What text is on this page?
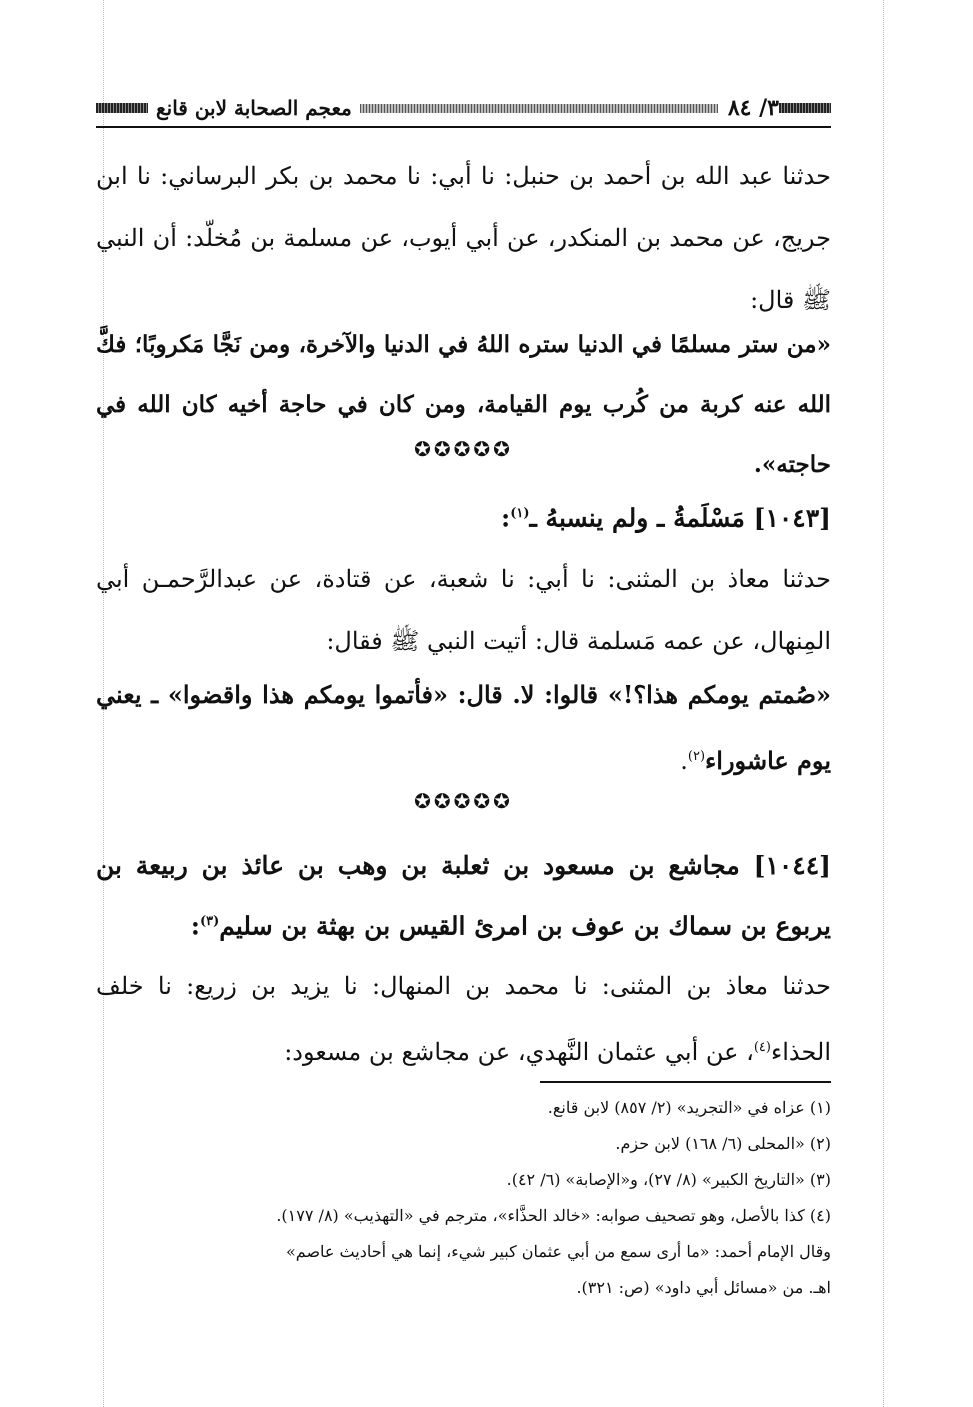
٣/ ٨٤
معجم الصحابة لابن قانع
حدثنا عبد الله بن أحمد بن حنبل: نا أبي: نا محمد بن بكر البرساني: نا ابن جريج، عن محمد بن المنكدر، عن أبي أيوب، عن مسلمة بن مُخلّد: أن النبي ﷺ قال:
«من ستر مسلمًا في الدنيا ستره اللهُ في الدنيا والآخرة، ومن نَجَّا مَكروبًا؛ فكَّ الله عنه كربة من كُرب يوم القيامة، ومن كان في حاجة أخيه كان الله في حاجته».
✪✪✪✪✪
[١٠٤٣] مَسْلَمةُ ـ ولم ينسبهُ ـ$^{(١)}$:
حدثنا معاذ بن المثنى: نا أبي: نا شعبة، عن قتادة، عن عبدالرَّحمـن أبي المِنهال، عن عمه مَسلمة قال: أتيت النبي ﷺ فقال:
«صُمتم يومكم هذا؟!» قالوا: لا. قال: «فأتموا يومكم هذا واقضوا» ـ يعني يوم عاشوراء$^{(٢)}$.
✪✪✪✪✪
[١٠٤٤] مجاشع بن مسعود بن ثعلبة بن وهب بن عائذ بن ربيعة بن يربوع بن سماك بن عوف بن امرئ القيس بن بهثة بن سليم$^{(٣)}$:
حدثنا معاذ بن المثنى: نا محمد بن المنهال: نا يزيد بن زريع: نا خلف الحذاء$^{(٤)}$، عن أبي عثمان النَّهدي، عن مجاشع بن مسعود:
(١) عزاه في «التجريد» (٢/ ٨٥٧) لابن قانع.
(٢) «المحلى (٦/ ١٦٨) لابن حزم.
(٣) «التاريخ الكبير» (٨/ ٢٧)، و«الإصابة» (٦/ ٤٢).
(٤) كذا بالأصل، وهو تصحيف صوابه: «خالد الحذَّاء»، مترجم في «التهذيب» (٨/ ١٧٧).
وقال الإمام أحمد: «ما أرى سمع من أبي عثمان كبير شيء، إنما هي أحاديث عاصم»
اهـ. من «مسائل أبي داود» (ص: ٣٢١).
